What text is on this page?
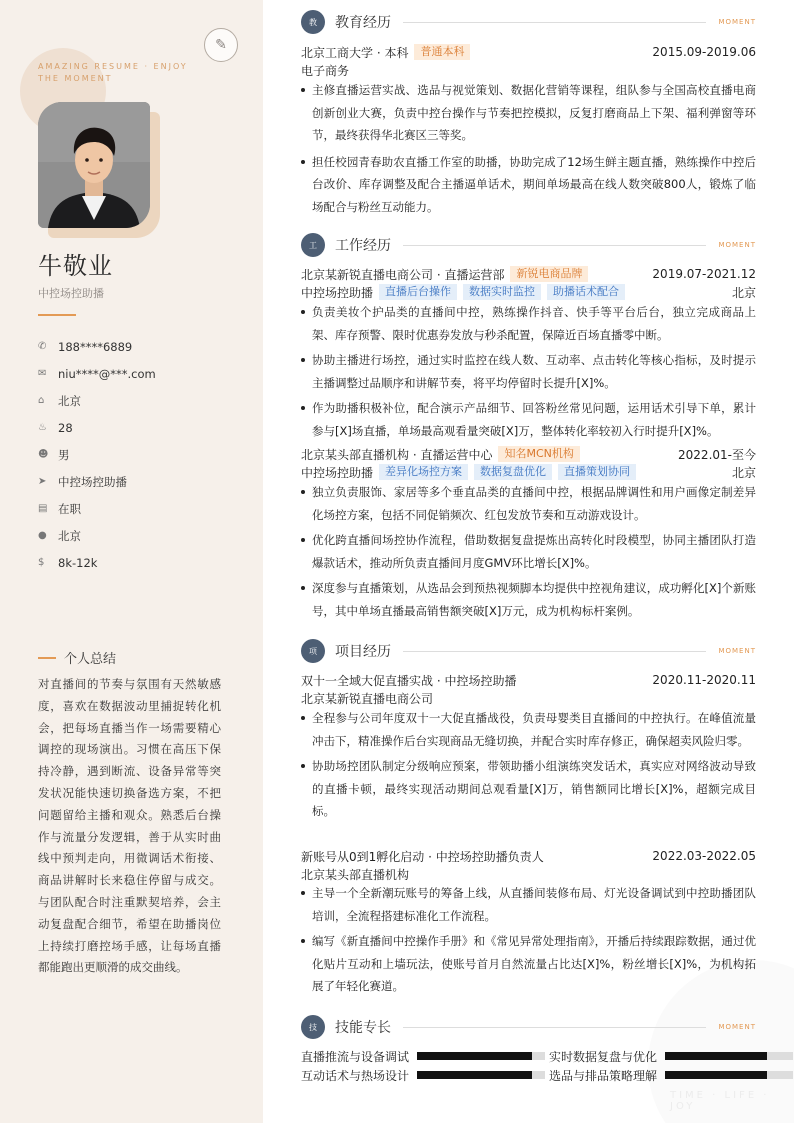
✎
AMAZING RESUME · ENJOY THE MOMENT
牛敬业
中控场控助播
✆	188****6889
✉	niu****@***.com
⌂	北京
♨ 28
☻ 男
➤	中控场控助播
▤ 在职
● 北京
$	8k-12k
个人总结
对直播间的节奏与氛围有天然敏感度，喜欢在数据波动里捕捉转化机会，把每场直播当作一场需要精心调控的现场演出。习惯在高压下保持冷静，遇到断流、设备异常等突发状况能快速切换备选方案，不把问题留给主播和观众。熟悉后台操作与流量分发逻辑，善于从实时曲线中预判走向，用微调话术衔接、商品讲解时长来稳住停留与成交。与团队配合时注重默契培养，会主动复盘配合细节，希望在助播岗位上持续打磨控场手感，让每场直播都能跑出更顺滑的成交曲线。
TIME · LIFE · JOY
教	教育经历	MOMENT
北京工商大学 · 本科	普通本科	2015.09-2019.06
电子商务
主修直播运营实战、选品与视觉策划、数据化营销等课程，组队参与全国高校直播电商创新创业大赛，负责中控台操作与节奏把控模拟，反复打磨商品上下架、福利弹窗等环节，最终获得华北赛区三等奖。
担任校园青春助农直播工作室的助播，协助完成了12场生鲜主题直播，熟练操作中控后台改价、库存调整及配合主播逼单话术，期间单场最高在线人数突破800人，锻炼了临场配合与粉丝互动能力。
工	工作经历	MOMENT
北京某新锐直播电商公司 · 直播运营部	新锐电商品牌	2019.07-2021.12
中控场控助播	直播后台操作	数据实时监控	助播话术配合	北京
负责美妆个护品类的直播间中控，熟练操作抖音、快手等平台后台，独立完成商品上架、库存预警、限时优惠券发放与秒杀配置，保障近百场直播零中断。
协助主播进行场控，通过实时监控在线人数、互动率、点击转化等核心指标，及时提示主播调整过品顺序和讲解节奏，将平均停留时长提升[X]%。
作为助播积极补位，配合演示产品细节、回答粉丝常见问题，运用话术引导下单，累计参与[X]场直播，单场最高观看量突破[X]万，整体转化率较初入行时提升[X]%。
北京某头部直播机构 · 直播运营中心	知名MCN机构	2022.01-至今
中控场控助播	差异化场控方案	数据复盘优化	直播策划协同	北京
独立负责服饰、家居等多个垂直品类的直播间中控，根据品牌调性和用户画像定制差异化场控方案，包括不同促销频次、红包发放节奏和互动游戏设计。
优化跨直播间场控协作流程，借助数据复盘提炼出高转化时段模型，协同主播团队打造爆款话术，推动所负责直播间月度GMV环比增长[X]%。
深度参与直播策划，从选品会到预热视频脚本均提供中控视角建议，成功孵化[X]个新账号，其中单场直播最高销售额突破[X]万元，成为机构标杆案例。
项	项目经历	MOMENT
双十一全域大促直播实战 · 中控场控助播	2020.11-2020.11
北京某新锐直播电商公司
全程参与公司年度双十一大促直播战役，负责母婴类目直播间的中控执行。在峰值流量冲击下，精准操作后台实现商品无缝切换，并配合实时库存修正，确保超卖风险归零。
协助场控团队制定分级响应预案，带领助播小组演练突发话术，真实应对网络波动导致的直播卡顿，最终实现活动期间总观看量[X]万，销售额同比增长[X]%，超额完成目标。
新账号从0到1孵化启动 · 中控场控助播负责人	2022.03-2022.05
北京某头部直播机构
主导一个全新潮玩账号的筹备上线，从直播间装修布局、灯光设备调试到中控助播团队培训，全流程搭建标准化工作流程。
编写《新直播间中控操作手册》和《常见异常处理指南》，开播后持续跟踪数据，通过优化贴片互动和上墙玩法，使账号首月自然流量占比达[X]%，粉丝增长[X]%，为机构拓展了年轻化赛道。
技	技能专长	MOMENT
直播推流与设备调试	实时数据复盘与优化
互动话术与热场设计	选品与排品策略理解
